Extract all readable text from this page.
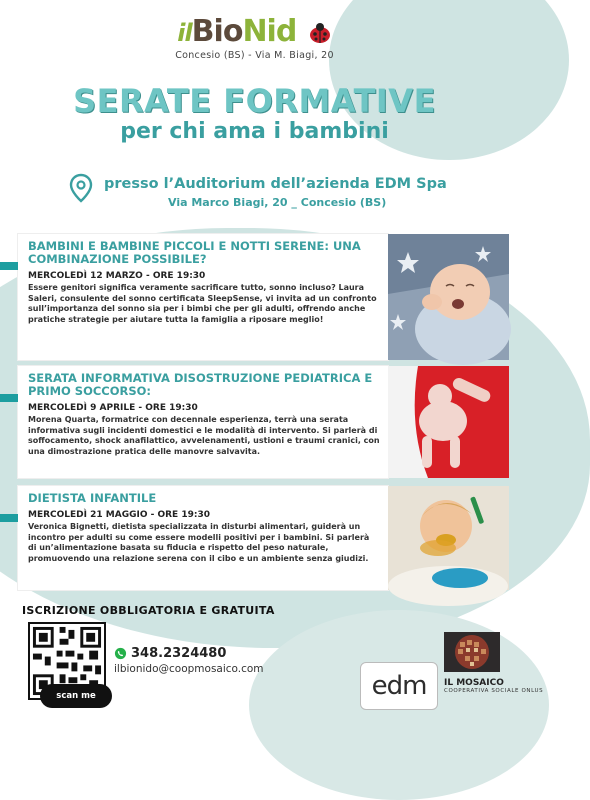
ilBioNid
Concesio (BS) - Via M. Biagi, 20
SERATE FORMATIVE
per chi ama i bambini
presso l’Auditorium dell’azienda EDM Spa
Via Marco Biagi, 20 _ Concesio (BS)
BAMBINI E BAMBINE PICCOLI E NOTTI SERENE: UNA COMBINAZIONE POSSIBILE?
MERCOLEDÌ 12 MARZO - ORE 19:30
Essere genitori significa veramente sacrificare tutto, sonno incluso? Laura Saleri, consulente del sonno certificata SleepSense, vi invita ad un confronto sull’importanza del sonno sia per i bimbi che per gli adulti, offrendo anche pratiche strategie per aiutare tutta la famiglia a riposare meglio!
SERATA INFORMATIVA DISOSTRUZIONE PEDIATRICA E PRIMO SOCCORSO:
MERCOLEDÌ 9 APRILE - ORE 19:30
Morena Quarta, formatrice con decennale esperienza, terrà una serata informativa sugli incidenti domestici e le modalità di intervento. Si parlerà di soffocamento, shock anafilattico, avvelenamenti, ustioni e traumi cranici, con una dimostrazione pratica delle manovre salvavita.
DIETISTA INFANTILE
MERCOLEDÌ 21 MAGGIO - ORE 19:30
Veronica Bignetti, dietista specializzata in disturbi alimentari, guiderà un incontro per adulti su come essere modelli positivi per i bambini. Si parlerà di un’alimentazione basata su fiducia e rispetto del peso naturale, promuovendo una relazione serena con il cibo e un ambiente senza giudizi.
ISCRIZIONE OBBLIGATORIA E GRATUITA
scan me
348.2324480
ilbionido@coopmosaico.com
edm	IL MOSAICO
COOPERATIVA SOCIALE ONLUS
